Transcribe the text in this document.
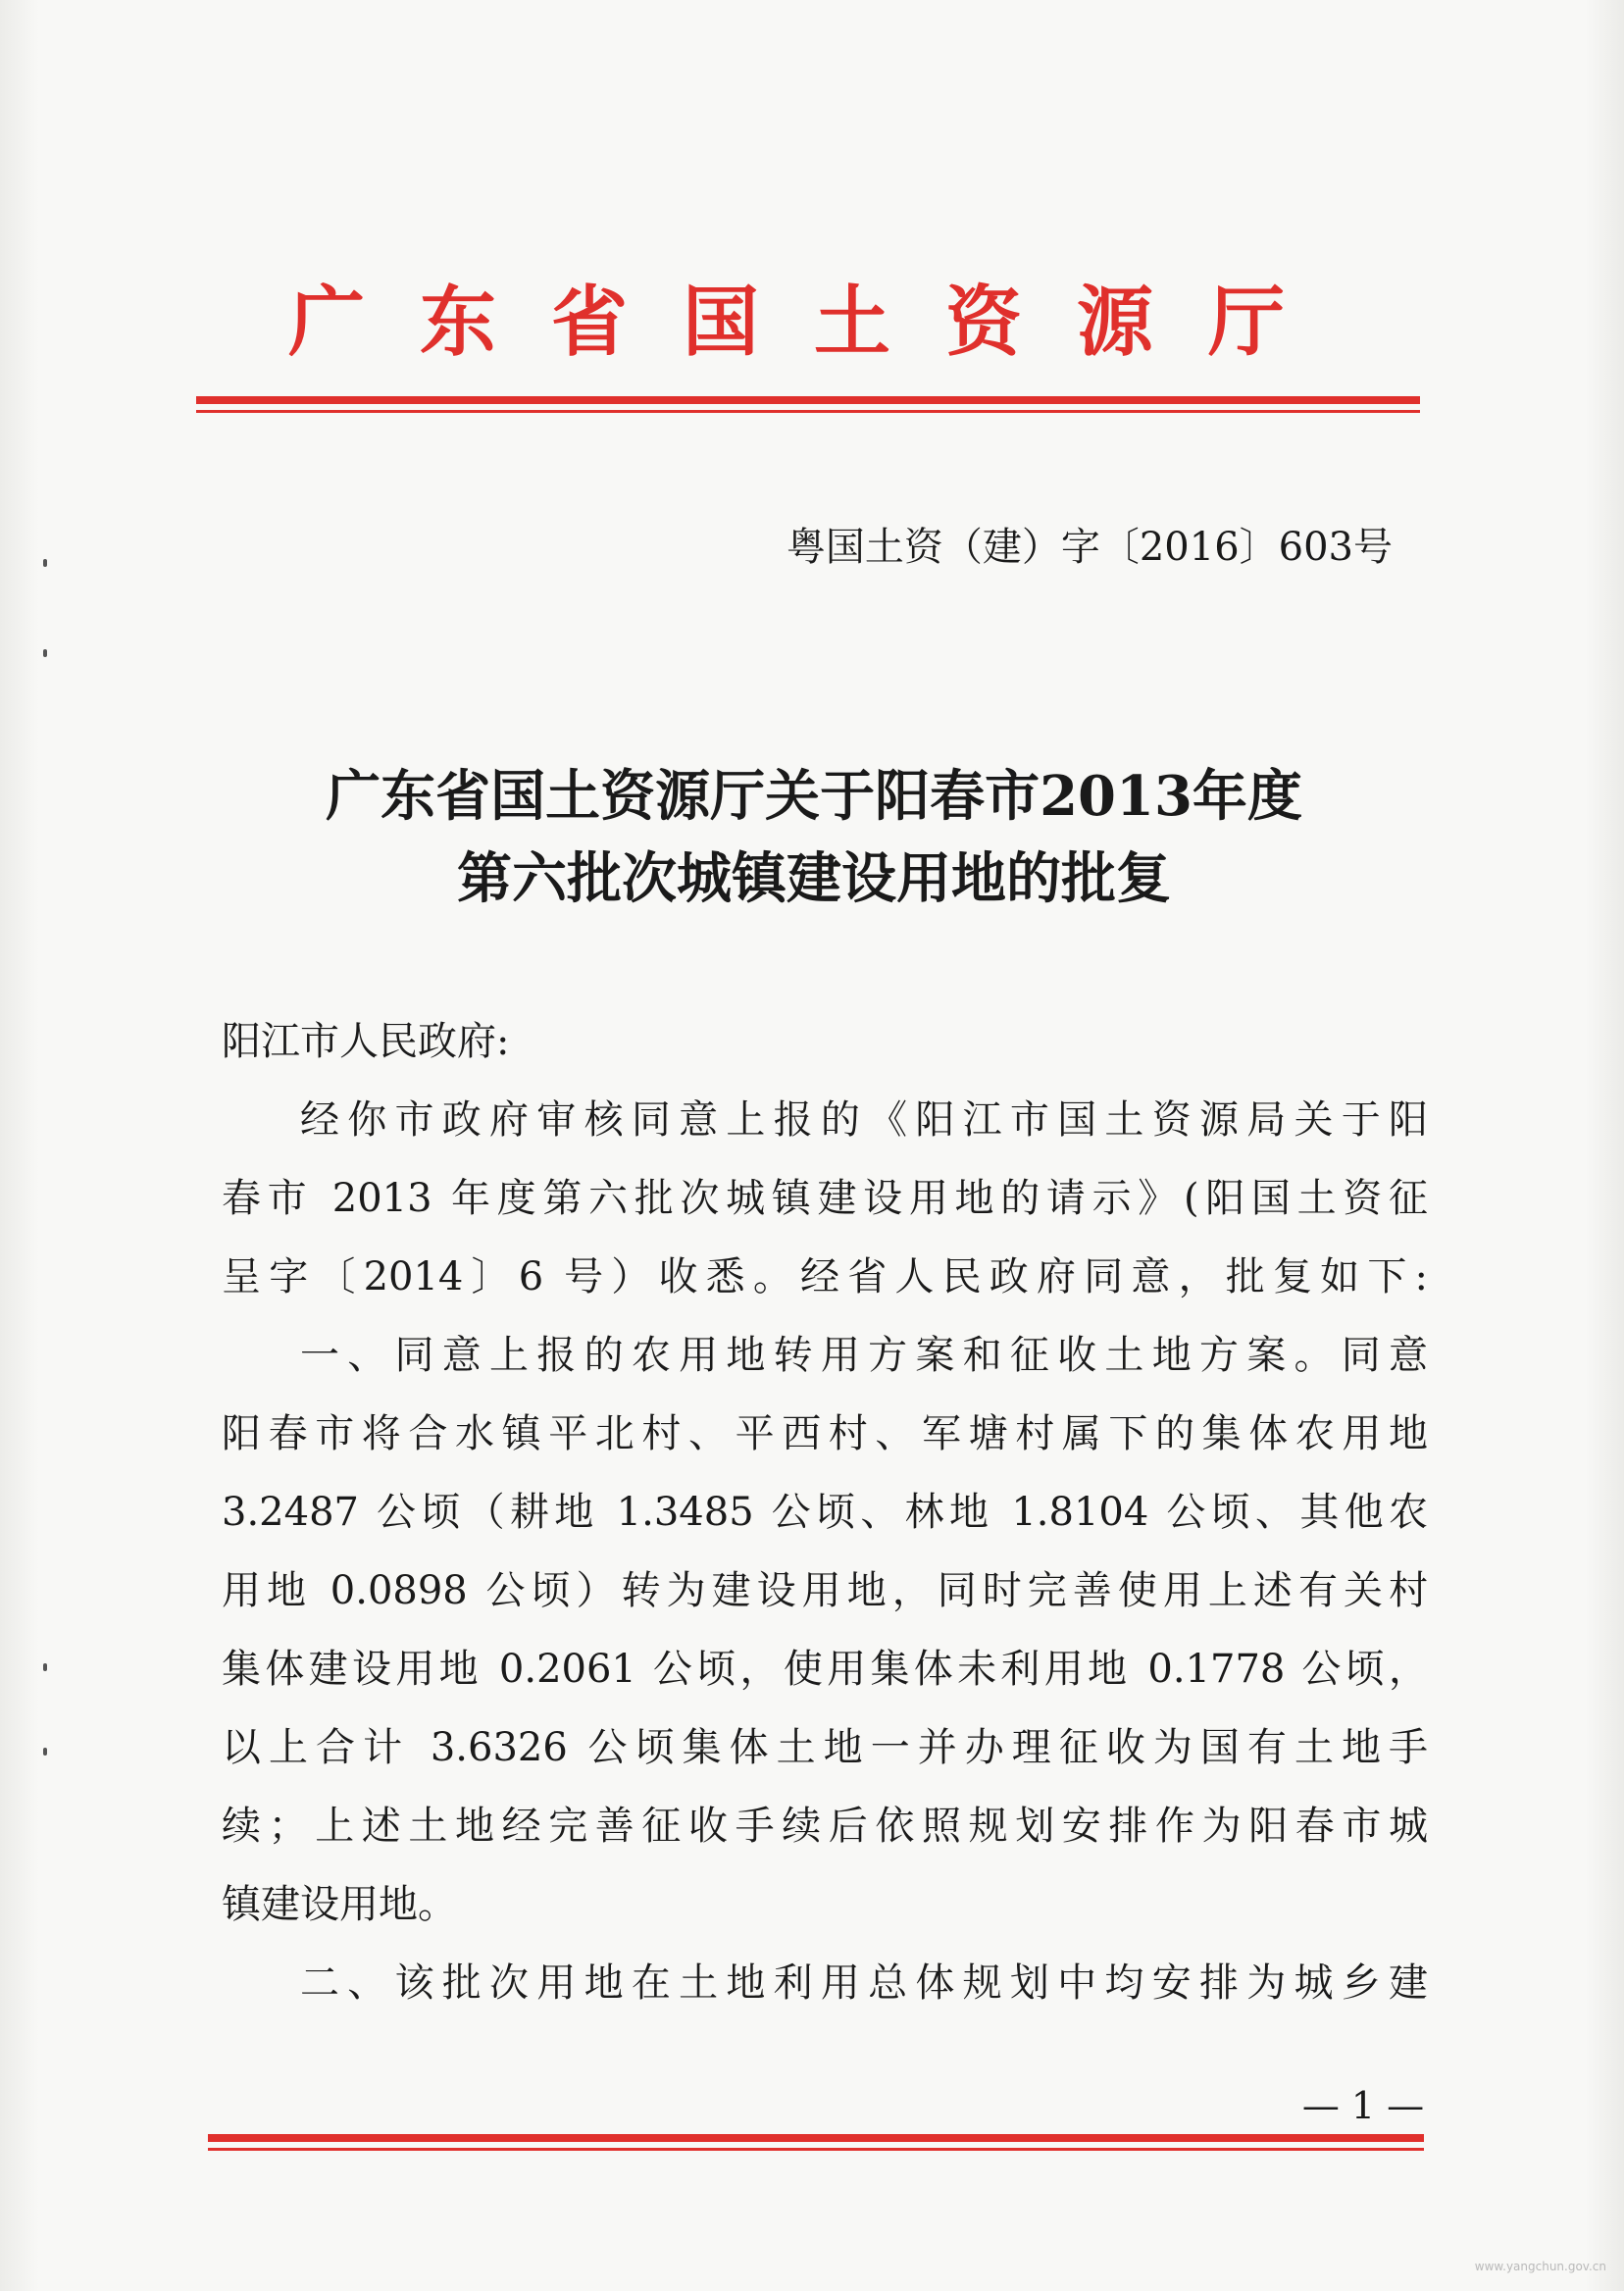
广东省国土资源厅
粤国土资（建）字〔2016〕603号
广东省国土资源厅关于阳春市2013年度
第六批次城镇建设用地的批复
阳江市人民政府:
经你市政府审核同意上报的《阳江市国土资源局关于阳
春市 2013 年度第六批次城镇建设用地的请示》(阳国土资征
呈字〔2014〕6 号）收悉。经省人民政府同意，批复如下:
一、同意上报的农用地转用方案和征收土地方案。同意
阳春市将合水镇平北村、平西村、军塘村属下的集体农用地
3.2487 公顷（耕地 1.3485 公顷、林地 1.8104 公顷、其他农
用地 0.0898 公顷）转为建设用地，同时完善使用上述有关村
集体建设用地 0.2061 公顷，使用集体未利用地 0.1778 公顷，
以上合计 3.6326 公顷集体土地一并办理征收为国有土地手
续；上述土地经完善征收手续后依照规划安排作为阳春市城
镇建设用地。
二、该批次用地在土地利用总体规划中均安排为城乡建
— 1 —
www.yangchun.gov.cn
